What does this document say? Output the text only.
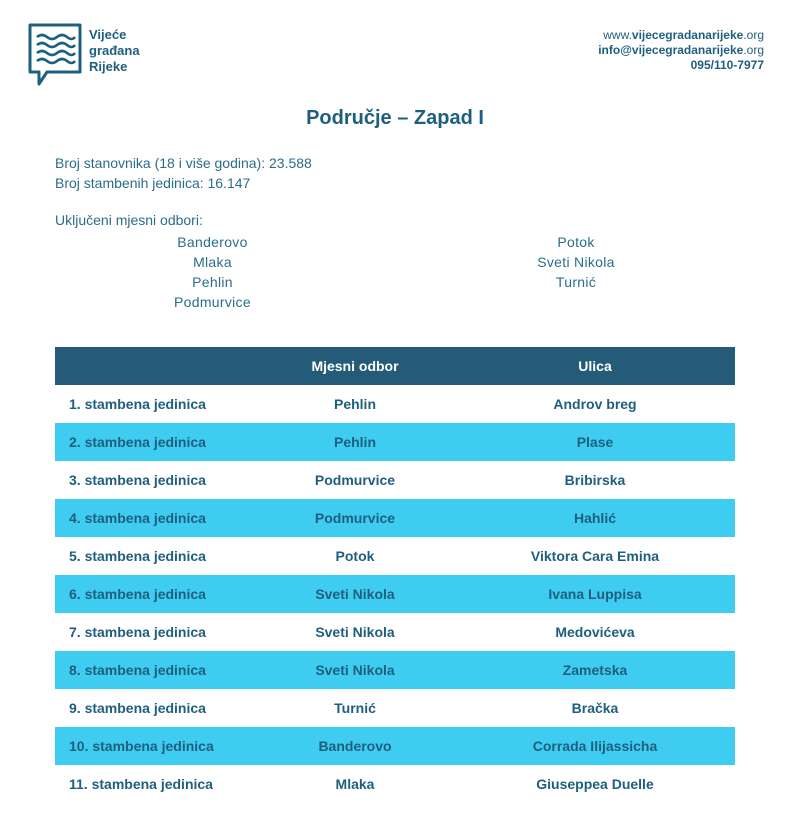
Vijeće
građana
Rijeke
www.vijecegradanarijeke.org
info@vijecegradanarijeke.org
095/110-7977
Područje – Zapad I
Broj stanovnika (18 i više godina): 23.588
Broj stambenih jedinica: 16.147
Uključeni mjesni odbori:
Banderovo
Mlaka
Pehlin
Podmurvice
Potok
Sveti Nikola
Turnić
	Mjesni odbor	Ulica
1. stambena jedinica	Pehlin	Androv breg
2. stambena jedinica	Pehlin	Plase
3. stambena jedinica	Podmurvice	Bribirska
4. stambena jedinica	Podmurvice	Hahlić
5. stambena jedinica	Potok	Viktora Cara Emina
6. stambena jedinica	Sveti Nikola	Ivana Luppisa
7. stambena jedinica	Sveti Nikola	Medovićeva
8. stambena jedinica	Sveti Nikola	Zametska
9. stambena jedinica	Turnić	Bračka
10. stambena jedinica	Banderovo	Corrada Ilijassicha
11. stambena jedinica	Mlaka	Giuseppea Duelle
